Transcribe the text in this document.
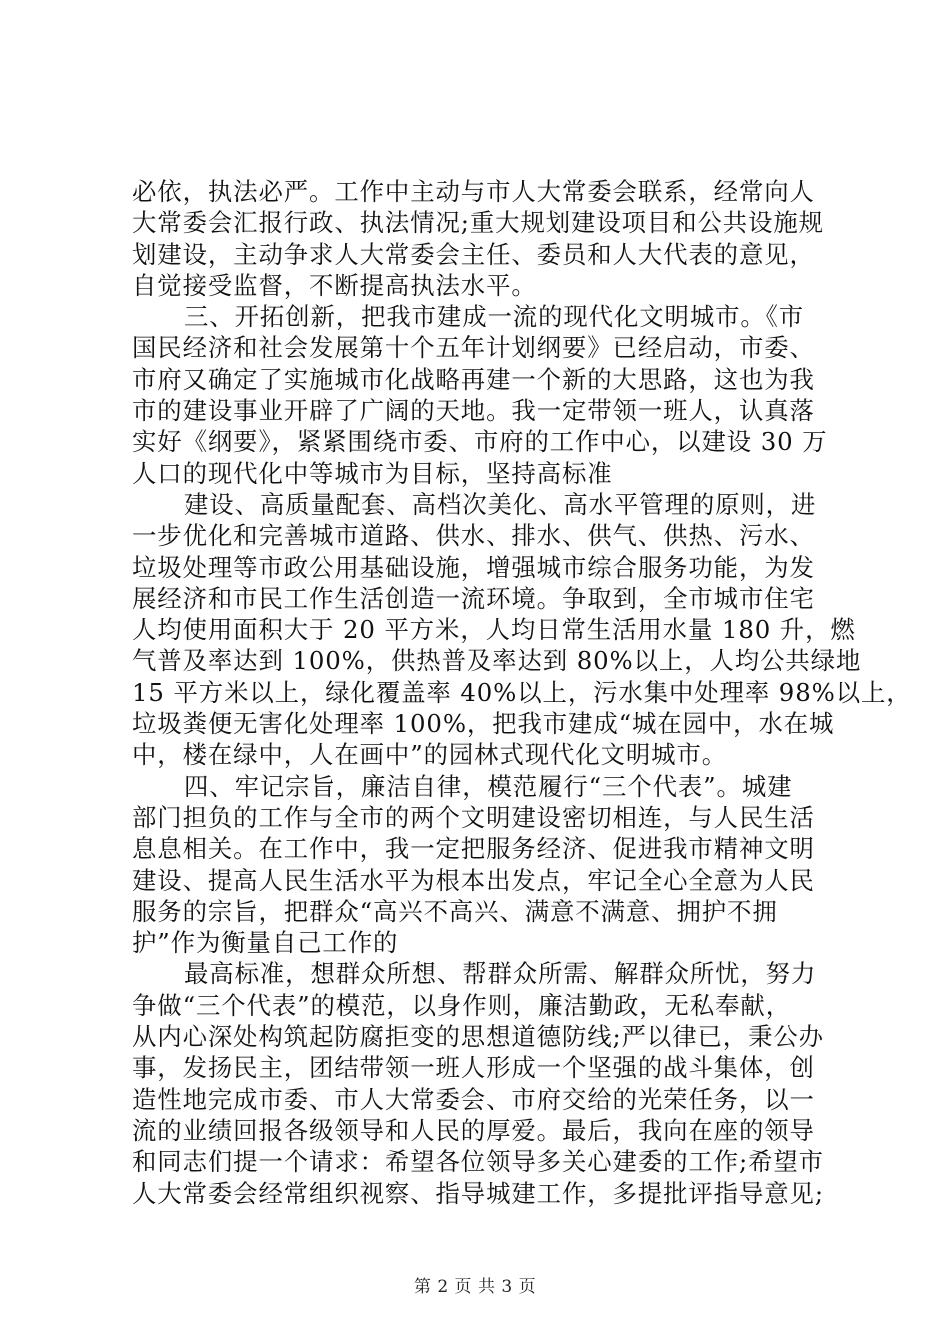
必依，执法必严。工作中主动与市人大常委会联系，经常向人
大常委会汇报行政、执法情况;重大规划建设项目和公共设施规
划建设，主动争求人大常委会主任、委员和人大代表的意见，
自觉接受监督，不断提高执法水平。
三、开拓创新，把我市建成一流的现代化文明城市。《市
国民经济和社会发展第十个五年计划纲要》已经启动，市委、
市府又确定了实施城市化战略再建一个新的大思路，这也为我
市的建设事业开辟了广阔的天地。我一定带领一班人，认真落
实好《纲要》，紧紧围绕市委、市府的工作中心，以建设 30 万
人口的现代化中等城市为目标，坚持高标准
建设、高质量配套、高档次美化、高水平管理的原则，进
一步优化和完善城市道路、供水、排水、供气、供热、污水、
垃圾处理等市政公用基础设施，增强城市综合服务功能，为发
展经济和市民工作生活创造一流环境。争取到，全市城市住宅
人均使用面积大于 20 平方米，人均日常生活用水量 180 升，燃
气普及率达到 100%，供热普及率达到 80%以上，人均公共绿地
15 平方米以上，绿化覆盖率 40%以上，污水集中处理率 98%以上，
垃圾粪便无害化处理率 100%，把我市建成“城在园中，水在城
中，楼在绿中，人在画中”的园林式现代化文明城市。
四、牢记宗旨，廉洁自律，模范履行“三个代表”。城建
部门担负的工作与全市的两个文明建设密切相连，与人民生活
息息相关。在工作中，我一定把服务经济、促进我市精神文明
建设、提高人民生活水平为根本出发点，牢记全心全意为人民
服务的宗旨，把群众“高兴不高兴、满意不满意、拥护不拥
护”作为衡量自己工作的
最高标准，想群众所想、帮群众所需、解群众所忧，努力
争做“三个代表”的模范，以身作则，廉洁勤政，无私奉献，
从内心深处构筑起防腐拒变的思想道德防线;严以律已，秉公办
事，发扬民主，团结带领一班人形成一个坚强的战斗集体，创
造性地完成市委、市人大常委会、市府交给的光荣任务，以一
流的业绩回报各级领导和人民的厚爱。最后，我向在座的领导
和同志们提一个请求：希望各位领导多关心建委的工作;希望市
人大常委会经常组织视察、指导城建工作，多提批评指导意见;
第 2 页 共 3 页
